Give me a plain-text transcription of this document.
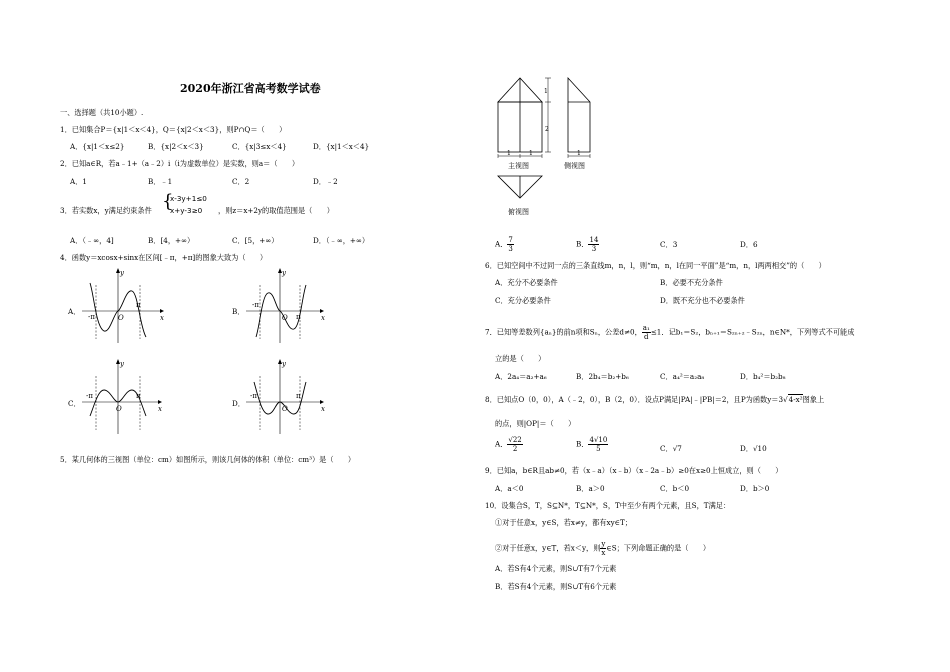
2020年浙江省高考数学试卷
一、选择题（共10小题）.
1．已知集合P＝{x|1＜x＜4}，Q＝{x|2＜x＜3}，则P∩Q＝（　　）
A．{x|1＜x≤2}	B．{x|2＜x＜3}	C．{x|3≤x＜4}	D．{x|1＜x＜4}
2．已知a∈R，若a﹣1+（a﹣2）i（i为虚数单位）是实数，则a＝（　　）
A．1	B．﹣1	C．2	D．﹣2
3．若实数x，y满足约束条件 {
x-3y+1≤0
x+y-3≥0 ，则z＝x+2y的取值范围是（　　）
A．（﹣∞，4]	B．[4，+∞）	C．[5，+∞）	D．（﹣∞，+∞）
4．函数y＝xcosx+sinx在区间[﹣π，+π]的图象大致为（　　）
A．
y
x
O
-π
π
B．
y
x
O
-π
π
C．
y
x
O
-π	π
D．
y
x
O
-π	π
5．某几何体的三视图（单位：cm）如图所示，则该几何体的体积（单位：cm³）是（　　）
1
2
1	1
主视图
1
侧视图
俯视图
A． $\frac{7}{3}$	B． $\frac{14}{3}$	C．3	D．6
6．已知空间中不过同一点的三条直线m，n，l，则“m，n，l在同一平面”是“m，n，l两两相交”的（　　）
A．充分不必要条件	B．必要不充分条件
C．充分必要条件	D．既不充分也不必要条件
7．已知等差数列{aₙ}的前n项和Sₙ，公差d≠0， $\frac{\text{a₁}}{d} \le 1$．记b₁＝S₂，bₙ₊₁＝S₂ₙ₊₂﹣S₂ₙ，n∈N*，下列等式不可能成
立的是（　　）
A．2a₄＝a₂+a₆	B．2b₄＝b₂+b₆	C．a₄²＝a₂a₈	D．b₄²＝b₂b₈
8．已知点O（0，0），A（﹣2，0），B（2，0）．设点P满足|PA|﹣|PB|＝2，且P为函数y＝3√4-x²图象上
的点，则|OP|＝（　　）
A． $\frac{√22}{2}$	B． $\frac{4√10}{5}$	C．√7	D．√10
9．已知a，b∈R且ab≠0，若（x﹣a）（x﹣b）（x﹣2a﹣b）≥0在x≥0上恒成立，则（　　）
A．a＜0	B．a＞0	C．b＜0	D．b＞0
10．设集合S，T，S⊆N*，T⊆N*，S，T中至少有两个元素，且S，T满足：
①对于任意x，y∈S，若x≠y，都有xy∈T；
②对于任意x，y∈T，若x＜y，则 $\frac{y}{x}$ ∈S；下列命题正确的是（　　）
A．若S有4个元素，则S∪T有7个元素
B．若S有4个元素，则S∪T有6个元素
